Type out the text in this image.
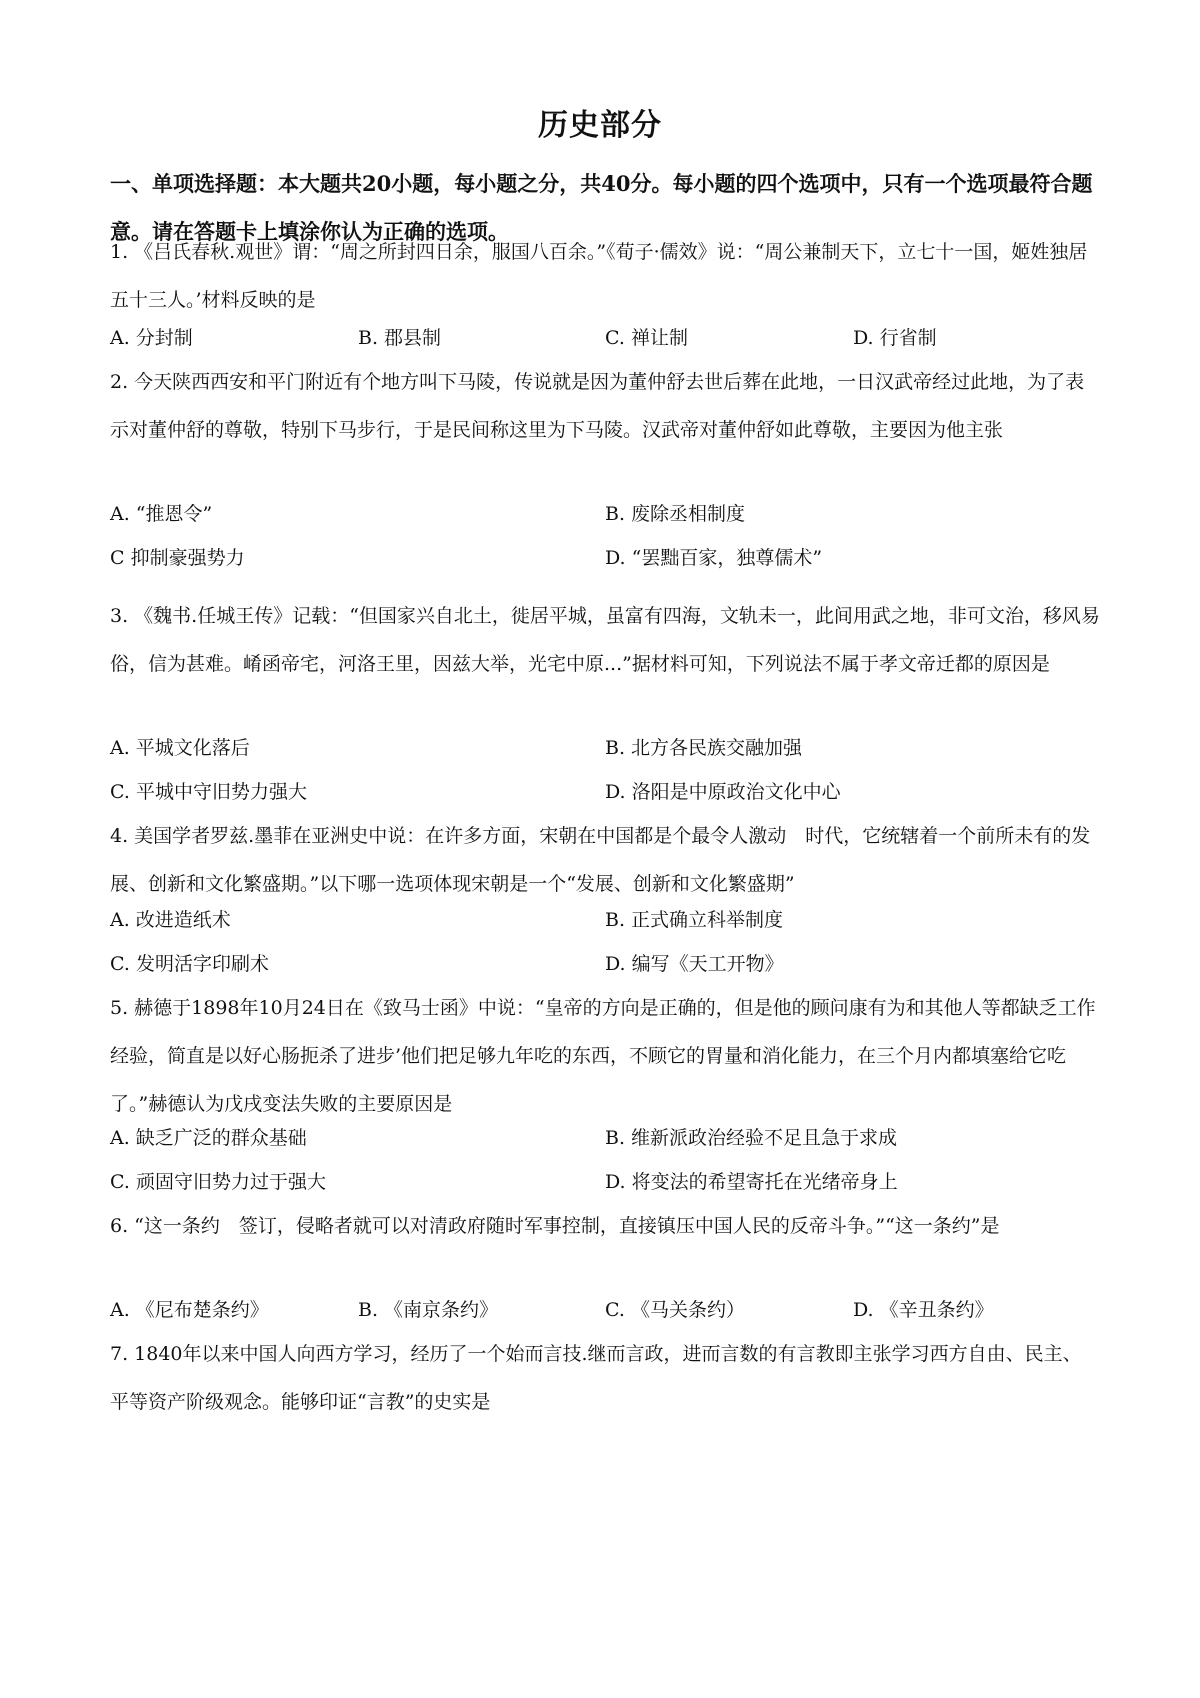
历史部分
一、单项选择题：本大题共20小题，每小题之分，共40分。每小题的四个选项中，只有一个选项最符合题意。请在答题卡上填涂你认为正确的选项。
1. 《吕氏春秋.观世》谓：“周之所封四日余，服国八百余。”《荀子·儒效》说：“周公兼制天下，立七十一国，姬姓独居五十三人。’材料反映的是
A. 分封制	B. 郡县制	C. 禅让制	D. 行省制
2. 今天陕西西安和平门附近有个地方叫下马陵，传说就是因为董仲舒去世后葬在此地，一日汉武帝经过此地，为了表示对董仲舒的尊敬，特别下马步行，于是民间称这里为下马陵。汉武帝对董仲舒如此尊敬，主要因为他主张
A. “推恩令”	B. 废除丞相制度
C 抑制豪强势力	D. “罢黜百家，独尊儒术”
3. 《魏书.任城王传》记载：“但国家兴自北土，徙居平城，虽富有四海，文轨未一，此间用武之地，非可文治，移风易俗，信为甚难。崤函帝宅，河洛王里，因兹大举，光宅中原...”据材料可知，下列说法不属于孝文帝迁都的原因是
A. 平城文化落后	B. 北方各民族交融加强
C. 平城中守旧势力强大	D. 洛阳是中原政治文化中心
4. 美国学者罗兹.墨菲在亚洲史中说：在许多方面，宋朝在中国都是个最令人激动　时代，它统辖着一个前所未有的发展、创新和文化繁盛期。”以下哪一选项体现宋朝是一个“发展、创新和文化繁盛期”
A. 改进造纸术	B. 正式确立科举制度
C. 发明活字印刷术	D. 编写《天工开物》
5. 赫德于1898年10月24日在《致马士函》中说：“皇帝的方向是正确的，但是他的顾问康有为和其他人等都缺乏工作经验，简直是以好心肠扼杀了进步’他们把足够九年吃的东西，不顾它的胃量和消化能力，在三个月内都填塞给它吃了。”赫德认为戊戌变法失败的主要原因是
A. 缺乏广泛的群众基础	B. 维新派政治经验不足且急于求成
C. 顽固守旧势力过于强大	D. 将变法的希望寄托在光绪帝身上
6. “这一条约　签订，侵略者就可以对清政府随时军事控制，直接镇压中国人民的反帝斗争。”“这一条约”是
A. 《尼布楚条约》	B. 《南京条约》	C. 《马关条约）	D. 《辛丑条约》
7. 1840年以来中国人向西方学习，经历了一个始而言技.继而言政，进而言数的有言教即主张学习西方自由、民主、平等资产阶级观念。能够印证“言教”的史实是
